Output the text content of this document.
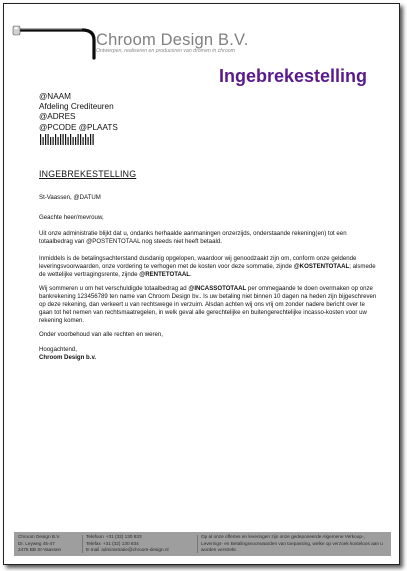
Chroom Design B.V.
Ontwerpen, realiseren en produceren van dromen in chroom
Ingebrekestelling
@NAAM
Afdeling Crediteuren
@ADRES
@PCODE @PLAATS
INGEBREKESTELLING
St-Vaassen, @DATUM
Geachte heer/mevrouw,
Uit onze administratie blijkt dat u, ondanks herhaalde aanmaningen onzerzijds, onderstaande rekening(en) tot een totaalbedrag van @POSTENTOTAAL nog steeds niet heeft betaald.
Inmiddels is de betalingsachterstand dusdanig opgelopen, waardoor wij genoodzaakt zijn om, conform onze geldende leveringsvoorwaarden, onze vordering te verhogen met de kosten voor deze sommatie, zijnde @KOSTENTOTAAL; alsmede de wettelijke vertragingsrente, zijnde @RENTETOTAAL.
Wij sommeren u om het verschuldigde totaalbedrag ad @INCASSOTOTAAL per ommegaande te doen overmaken op onze bankrekening 123456789 ten name van Chroom Design bv.. Is uw betaling niet binnen 10 dagen na heden zijn bijgeschreven op deze rekening, dan verkeert u van rechtswege in verzuim. Alsdan achten wij ons vrij om zonder nadere bericht over te gaan tot het nemen van rechtsmaatregelen, in welk geval alle gerechtelijke en buitengerechtelijke incasso-kosten voor uw rekening komen.
Onder voorbehoud van alle rechten en weren,
Hoogachtend,
Chroom Design b.v.
Chroom Design B.V.
Dr. Leyweg 45-47
2476 BB St-Vaassen
Telefoon +31 (32) 130 833
Telefax +31 (32) 130 834
E-mail administratie@chroom-design.nl
Op al onze offertes en leveringen zijn onze gedeponeerde Algemene Verkoop-, Leverings- en Betalingsvoorwaarden van toepassing, welke op verzoek kosteloos aan u worden verstrekt.
